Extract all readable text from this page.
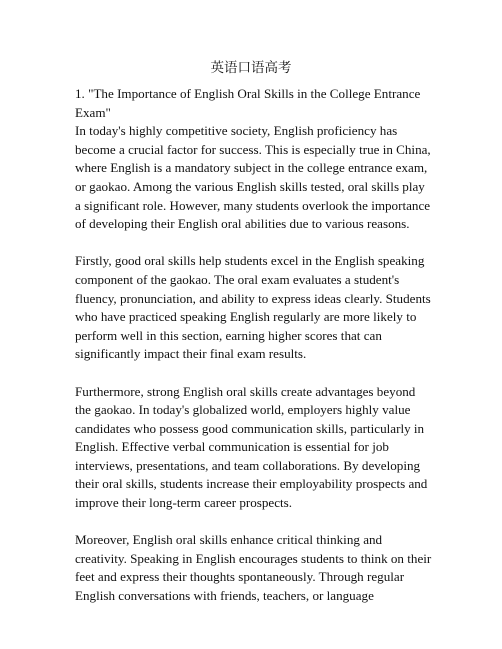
英语口语高考

1. "The Importance of English Oral Skills in the College Entrance Exam"

In today's highly competitive society, English proficiency has become a crucial factor for success. This is especially true in China, where English is a mandatory subject in the college entrance exam, or gaokao. Among the various English skills tested, oral skills play a significant role. However, many students overlook the importance of developing their English oral abilities due to various reasons.

Firstly, good oral skills help students excel in the English speaking component of the gaokao. The oral exam evaluates a student's fluency, pronunciation, and ability to express ideas clearly. Students who have practiced speaking English regularly are more likely to perform well in this section, earning higher scores that can significantly impact their final exam results.

Furthermore, strong English oral skills create advantages beyond the gaokao. In today's globalized world, employers highly value candidates who possess good communication skills, particularly in English. Effective verbal communication is essential for job interviews, presentations, and team collaborations. By developing their oral skills, students increase their employability prospects and improve their long-term career prospects.

Moreover, English oral skills enhance critical thinking and creativity. Speaking in English encourages students to think on their feet and express their thoughts spontaneously. Through regular English conversations with friends, teachers, or language
